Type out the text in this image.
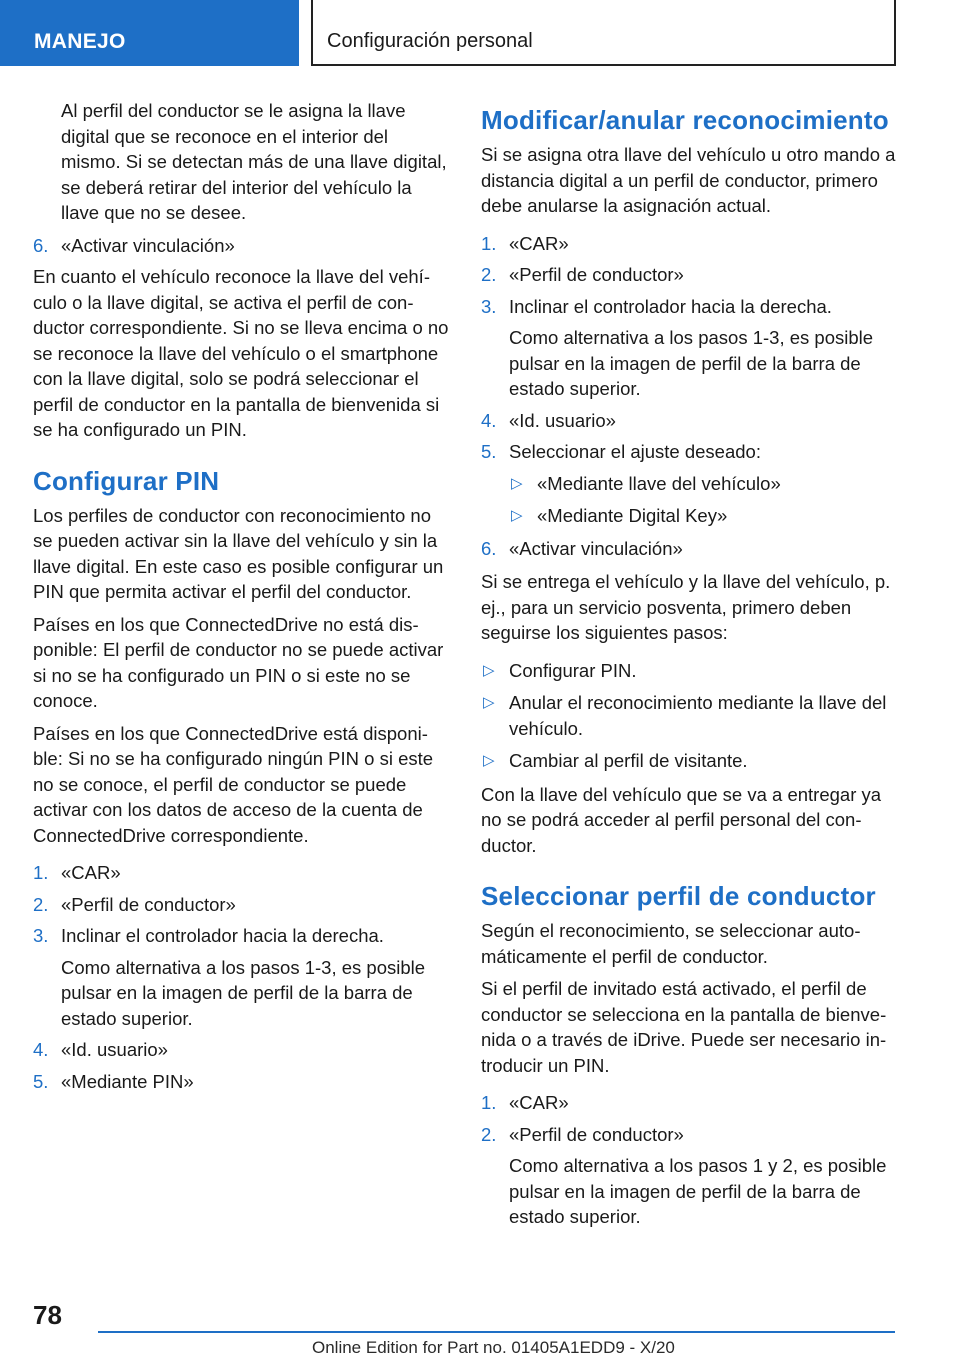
MANEJO	Configuración personal

Al perfil del conductor se le asigna la llave digital que se reconoce en el interior del mismo. Si se detectan más de una llave digital, se deberá retirar del interior del vehículo la llave que no se desee.

6. «Activar vinculación»

En cuanto el vehículo reconoce la llave del vehículo o la llave digital, se activa el perfil de conductor correspondiente. Si no se lleva encima o no se reconoce la llave del vehículo o el smartphone con la llave digital, solo se podrá seleccionar el perfil de conductor en la pantalla de bienvenida si se ha configurado un PIN.

Configurar PIN

Los perfiles de conductor con reconocimiento no se pueden activar sin la llave del vehículo y sin la llave digital. En este caso es posible configurar un PIN que permita activar el perfil del conductor.

Países en los que ConnectedDrive no está disponible: El perfil de conductor no se puede activar si no se ha configurado un PIN o si este no se conoce.

Países en los que ConnectedDrive está disponible: Si no se ha configurado ningún PIN o si este no se conoce, el perfil de conductor se puede activar con los datos de acceso de la cuenta de ConnectedDrive correspondiente.

1. «CAR»
2. «Perfil de conductor»
3. Inclinar el controlador hacia la derecha.
Como alternativa a los pasos 1-3, es posible pulsar en la imagen de perfil de la barra de estado superior.
4. «Id. usuario»
5. «Mediante PIN»
Modificar/anular reconocimiento

Si se asigna otra llave del vehículo u otro mando a distancia digital a un perfil de conductor, primero debe anularse la asignación actual.

1. «CAR»
2. «Perfil de conductor»
3. Inclinar el controlador hacia la derecha.
Como alternativa a los pasos 1-3, es posible pulsar en la imagen de perfil de la barra de estado superior.
4. «Id. usuario»
5. Seleccionar el ajuste deseado:
▷ «Mediante llave del vehículo»
▷ «Mediante Digital Key»
6. «Activar vinculación»

Si se entrega el vehículo y la llave del vehículo, p. ej., para un servicio posventa, primero deben seguirse los siguientes pasos:

▷ Configurar PIN.
▷ Anular el reconocimiento mediante la llave del vehículo.
▷ Cambiar al perfil de visitante.

Con la llave del vehículo que se va a entregar ya no se podrá acceder al perfil personal del conductor.

Seleccionar perfil de conductor

Según el reconocimiento, se seleccionar automáticamente el perfil de conductor.

Si el perfil de invitado está activado, el perfil de conductor se selecciona en la pantalla de bienvenida o a través de iDrive. Puede ser necesario introducir un PIN.

1. «CAR»
2. «Perfil de conductor»
Como alternativa a los pasos 1 y 2, es posible pulsar en la imagen de perfil de la barra de estado superior.
78
Online Edition for Part no. 01405A1EDD9 - X/20
